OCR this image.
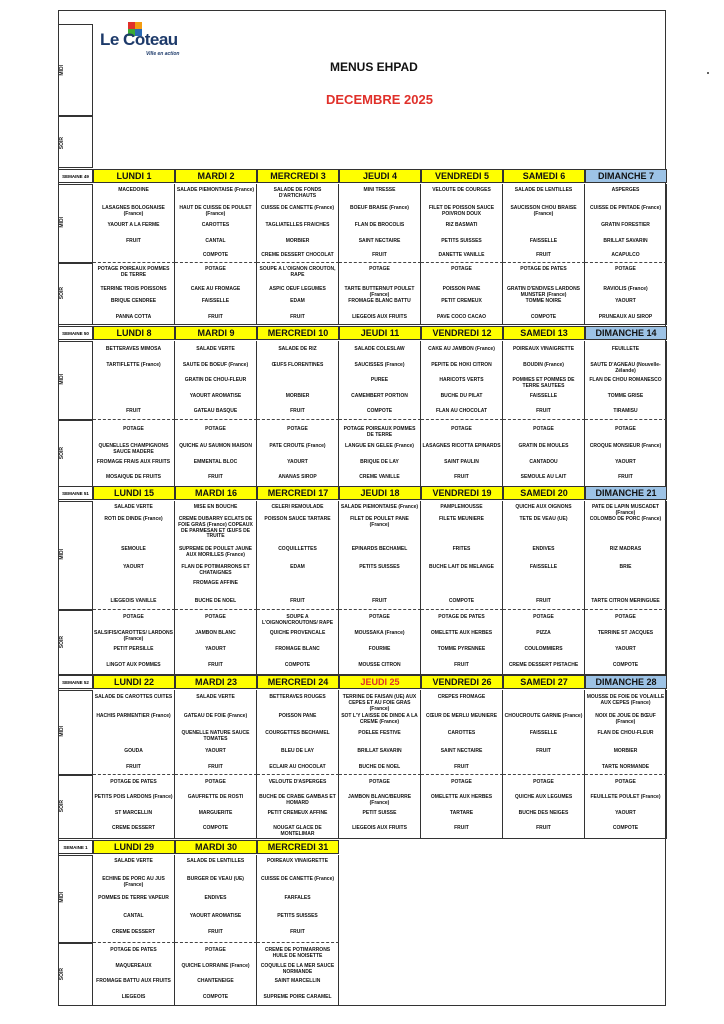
MIDI
SOIR
Le Coteau
Ville en action
MENUS EHPAD
DECEMBRE 2025
SEMAINE 49
MIDI
SOIR
LUNDI 1
MACEDOINE
LASAGNES BOLOGNAISE (France)
YAOURT A LA FERME
FRUIT
POTAGE POIREAUX POMMES DE TERRE
TERRINE TROIS POISSONS
BRIQUE CENDREE
PANNA COTTA
MARDI 2
SALADE PIEMONTAISE (France)
HAUT DE CUISSE DE POULET (France)
CAROTTES
CANTAL
COMPOTE
POTAGE
CAKE AU FROMAGE
FAISSELLE
FRUIT
MERCREDI 3
SALADE DE FONDS D'ARTICHAUTS
CUISSE DE CANETTE (France)
TAGLIATELLES FRAICHES
MORBIER
CREME DESSERT CHOCOLAT
SOUPE A L'OIGNON CROUTON, RAPE
ASPIC OEUF LEGUMES
EDAM
FRUIT
JEUDI 4
MINI TRESSE
BOEUF BRAISE (France)
FLAN DE BROCOLIS
SAINT NECTAIRE
FRUIT
POTAGE
TARTE BUTTERNUT POULET (France)
FROMAGE BLANC BATTU
LIEGEOIS AUX FRUITS
VENDREDI 5
VELOUTE DE COURGES
FILET DE POISSON SAUCE POIVRON DOUX
RIZ BASMATI
PETITS SUISSES
DANETTE VANILLE
POTAGE
POISSON PANE
PETIT CREMEUX
PAVE COCO CACAO
SAMEDI 6
SALADE DE LENTILLES
SAUCISSON CHOU BRAISE (France)
FAISSELLE
FRUIT
POTAGE DE PATES
GRATIN D'ENDIVES LARDONS MUNSTER (France)
TOMME NOIRE
COMPOTE
DIMANCHE 7
ASPERGES
CUISSE DE PINTADE (France)
GRATIN FORESTIER
BRILLAT SAVARIN
ACAPULCO
POTAGE
RAVIOLIS (France)
YAOURT
PRUNEAUX AU SIROP
SEMAINE 50
MIDI
SOIR
LUNDI 8
BETTERAVES MIMOSA
TARTIFLETTE (France)
FRUIT
POTAGE
QUENELLES CHAMPIGNONS SAUCE MADERE
FROMAGE FRAIS AUX FRUITS
MOSAIQUE DE FRUITS
MARDI 9
SALADE VERTE
SAUTE DE BOEUF (France)
GRATIN DE CHOU-FLEUR
YAOURT AROMATISE
GATEAU BASQUE
POTAGE
QUICHE AU SAUMON MAISON
EMMENTAL BLOC
FRUIT
MERCREDI 10
SALADE DE RIZ
ŒUFS FLORENTINES
MORBIER
FRUIT
POTAGE
PATE CROUTE (France)
YAOURT
ANANAS SIROP
JEUDI 11
SALADE COLESLAW
SAUCISSES (France)
PUREE
CAMEMBERT PORTION
COMPOTE
POTAGE POIREAUX POMMES DE TERRE
LANGUE EN GELEE (France)
BRIQUE DE LAY
CREME VANILLE
VENDREDI 12
CAKE AU JAMBON (France)
PEPITE DE HOKI CITRON
HARICOTS VERTS
BUCHE DU PILAT
FLAN AU CHOCOLAT
POTAGE
LASAGNES RICOTTA EPINARDS
SAINT PAULIN
FRUIT
SAMEDI 13
POIREAUX VINAIGRETTE
BOUDIN (France)
POMMES ET POMMES DE TERRE SAUTEES
FAISSELLE
FRUIT
POTAGE
GRATIN DE MOULES
CANTADOU
SEMOULE AU LAIT
DIMANCHE 14
FEUILLETE
SAUTE D'AGNEAU (Nouvelle-Zélande)
FLAN DE CHOU ROMANESCO
TOMME GRISE
TIRAMISU
POTAGE
CROQUE MONSIEUR (France)
YAOURT
FRUIT
SEMAINE 51
MIDI
SOIR
LUNDI 15
SALADE VERTE
ROTI DE DINDE (France)
SEMOULE
YAOURT
LIEGEOIS VANILLE
POTAGE
SALSIFIS/CAROTTES/ LARDONS (France)
PETIT PERSILLE
LINGOT AUX POMMES
MARDI 16
MISE EN BOUCHE
CREME DUBARRY ECLATS DE FOIE GRAS (France) COPEAUX DE PARMESAN ET ŒUFS DE TRUITE
SUPREME DE POULET JAUNE AUX MORILLES (France)
FLAN DE POTIMARRONS ET CHATAIGNES
FROMAGE AFFINE
BUCHE DE NOEL
POTAGE
JAMBON BLANC
YAOURT
FRUIT
MERCREDI 17
CELERI REMOULADE
POISSON SAUCE TARTARE
COQUILLETTES
EDAM
FRUIT
SOUPE A L'OIGNON/CROUTONS/ RAPE
QUICHE PROVENCALE
FROMAGE BLANC
COMPOTE
JEUDI 18
SALADE PIEMONTAISE (France)
FILET DE POULET PANE (France)
EPINARDS BECHAMEL
PETITS SUISSES
FRUIT
POTAGE
MOUSSAKA (France)
FOURME
MOUSSE CITRON
VENDREDI 19
PAMPLEMOUSSE
FILETE MEUNIERE
FRITES
BUCHE LAIT DE MELANGE
COMPOTE
POTAGE DE PATES
OMELETTE AUX HERBES
TOMME PYRENNEE
FRUIT
SAMEDI 20
QUICHE AUX OIGNONS
TETE DE VEAU (UE)
ENDIVES
FAISSELLE
FRUIT
POTAGE
PIZZA
COULOMMIERS
CREME DESSERT PISTACHE
DIMANCHE 21
PATE DE LAPIN MUSCADET (France)
COLOMBO DE PORC (France)
RIZ MADRAS
BRIE
TARTE CITRON MERINGUEE
POTAGE
TERRINE ST JACQUES
YAOURT
COMPOTE
SEMAINE 52
MIDI
SOIR
LUNDI 22
SALADE DE CAROTTES CUITES
HACHIS PARMENTIER (France)
GOUDA
FRUIT
POTAGE DE PATES
PETITS POIS LARDONS (France)
ST MARCELLIN
CREME DESSERT
MARDI 23
SALADE VERTE
GATEAU DE FOIE (France)
QUENELLE NATURE SAUCE TOMATES
YAOURT
FRUIT
POTAGE
GAUFRETTE DE ROSTI
MARGUERITE
COMPOTE
MERCREDI 24
BETTERAVES ROUGES
POISSON PANE
COURGETTES BECHAMEL
BLEU DE LAY
ECLAIR AU CHOCOLAT
VELOUTE D'ASPERGES
BUCHE DE CRABE GAMBAS ET HOMARD
PETIT CREMEUX AFFINE
NOUGAT GLACE DE MONTELIMAR
JEUDI 25
TERRINE DE FAISAN (UE) AUX CEPES ET AU FOIE GRAS (France)
SOT L'Y LAISSE DE DINDE A LA CREME (France)
POELEE FESTIVE
BRILLAT SAVARIN
BUCHE DE NOEL
POTAGE
JAMBON BLANC/BEURRE (France)
PETIT SUISSE
LIEGEOIS AUX FRUITS
VENDREDI 26
CREPES FROMAGE
CŒUR DE MERLU MEUNIERE
CAROTTES
SAINT NECTAIRE
FRUIT
POTAGE
OMELETTE AUX HERBES
TARTARE
FRUIT
SAMEDI 27
CHOUCROUTE GARNIE (France)
FAISSELLE
FRUIT
POTAGE
QUICHE AUX LEGUMES
BUCHE DES NEIGES
FRUIT
DIMANCHE 28
MOUSSE DE FOIE DE VOLAILLE AUX CEPES (France)
NOIX DE JOUE DE BŒUF (France)
FLAN DE CHOU-FLEUR
MORBIER
TARTE NORMANDE
POTAGE
FEUILLETE POULET (France)
YAOURT
COMPOTE
SEMAINE 1
MIDI
SOIR
LUNDI 29
SALADE VERTE
ECHINE DE PORC AU JUS (France)
POMMES DE TERRE VAPEUR
CANTAL
CREME DESSERT
POTAGE DE PATES
MAQUEREAUX
FROMAGE BATTU AUX FRUITS
LIEGEOIS
MARDI 30
SALADE DE LENTILLES
BURGER DE VEAU (UE)
ENDIVES
YAOURT AROMATISE
FRUIT
POTAGE
QUICHE LORRAINE (France)
CHANTENEIGE
COMPOTE
MERCREDI 31
POIREAUX VINAIGRETTE
CUISSE DE CANETTE (France)
FARFALES
PETITS SUISSES
FRUIT
CREME DE POTIMARRONS HUILE DE NOISETTE
COQUILLE DE LA MER SAUCE NORMANDE
SAINT MARCELLIN
SUPREME POIRE CARAMEL
